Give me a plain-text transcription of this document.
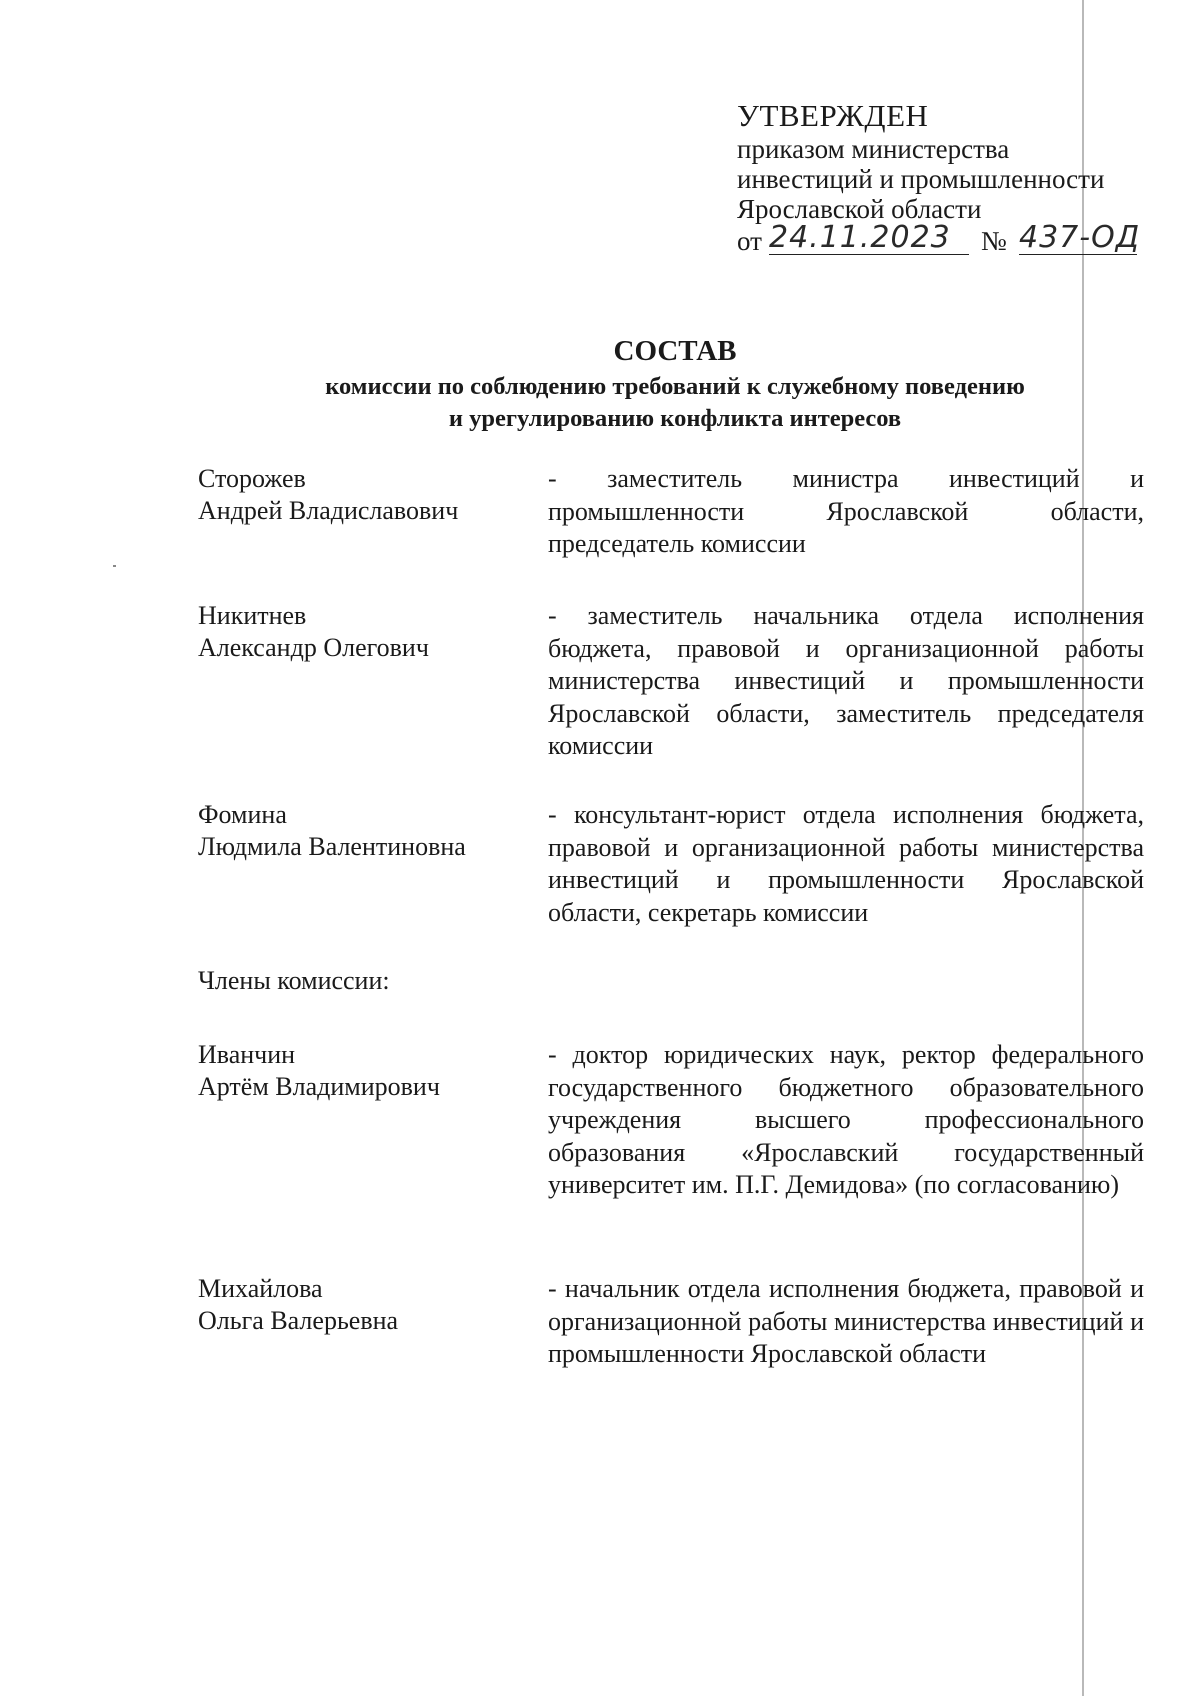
УТВЕРЖДЕН
приказом министерства
инвестиций и промышленности
Ярославской области
от 24.11.2023	№ 437-ОД
СОСТАВ
комиссии по соблюдению требований к служебному поведению
и урегулированию конфликта интересов
Сторожев
Андрей Владиславович
- заместитель министра инвестиций и промышленности Ярославской области, председатель комиссии
Никитнев
Александр Олегович
- заместитель начальника отдела исполнения бюджета, правовой и организационной работы министерства инвестиций и промышленности Ярославской области, заместитель председателя комиссии
Фомина
Людмила Валентиновна
- консультант-юрист отдела исполнения бюджета, правовой и организационной работы министерства инвестиций и промышленности Ярославской области, секретарь комиссии
Члены комиссии:
Иванчин
Артём Владимирович
- доктор юридических наук, ректор федерального государственного бюджетного образовательного учреждения высшего профессионального образования «Ярославский государственный университет им. П.Г. Демидова» (по согласованию)
Михайлова
Ольга Валерьевна
- начальник отдела исполнения бюджета, правовой и организационной работы министерства инвестиций и промышленности Ярославской области
